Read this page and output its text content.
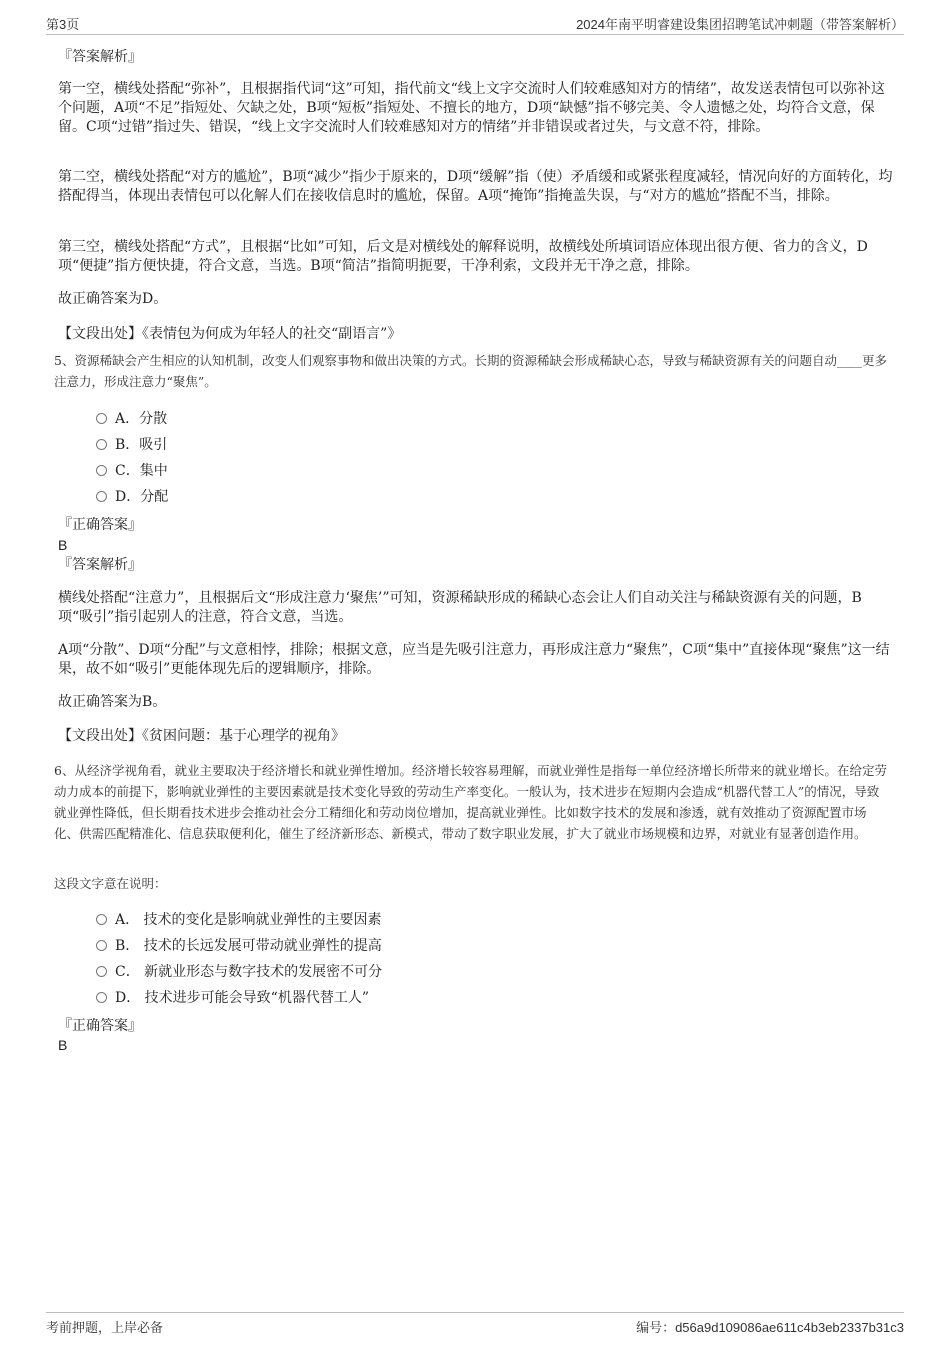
第3页	2024年南平明睿建设集团招聘笔试冲刺题（带答案解析）
『答案解析』

第一空，横线处搭配“弥补”，且根据指代词“这”可知，指代前文“线上文字交流时人们较难感知对方的情绪”，故发送表情包可以弥补这个问题，A项“不足”指短处、欠缺之处，B项“短板”指短处、不擅长的地方，D项“缺憾”指不够完美、令人遗憾之处，均符合文意，保留。C项“过错”指过失、错误，“线上文字交流时人们较难感知对方的情绪”并非错误或者过失，与文意不符，排除。

第二空，横线处搭配“对方的尴尬”，B项“减少”指少于原来的，D项“缓解”指（使）矛盾缓和或紧张程度减轻，情况向好的方面转化，均搭配得当，体现出表情包可以化解人们在接收信息时的尴尬，保留。A项“掩饰”指掩盖失误，与“对方的尴尬”搭配不当，排除。

第三空，横线处搭配“方式”，且根据“比如”可知，后文是对横线处的解释说明，故横线处所填词语应体现出很方便、省力的含义，D项“便捷”指方便快捷，符合文意，当选。B项“简洁”指简明扼要，干净利索，文段并无干净之意，排除。

故正确答案为D。

【文段出处】《表情包为何成为年轻人的社交“副语言”》

5、资源稀缺会产生相应的认知机制，改变人们观察事物和做出决策的方式。长期的资源稀缺会形成稀缺心态，导致与稀缺资源有关的问题自动____更多注意力，形成注意力“聚焦”。

A．分散
B．吸引
C．集中
D．分配
『正确答案』
B
『答案解析』

横线处搭配“注意力”，且根据后文“形成注意力‘聚焦’”可知，资源稀缺形成的稀缺心态会让人们自动关注与稀缺资源有关的问题，B项“吸引”指引起别人的注意，符合文意，当选。

A项“分散”、D项“分配”与文意相悖，排除；根据文意，应当是先吸引注意力，再形成注意力“聚焦”，C项“集中”直接体现“聚焦”这一结果，故不如“吸引”更能体现先后的逻辑顺序，排除。

故正确答案为B。

【文段出处】《贫困问题：基于心理学的视角》

6、从经济学视角看，就业主要取决于经济增长和就业弹性增加。经济增长较容易理解，而就业弹性是指每一单位经济增长所带来的就业增长。在给定劳动力成本的前提下，影响就业弹性的主要因素就是技术变化导致的劳动生产率变化。一般认为，技术进步在短期内会造成“机器代替工人”的情况，导致就业弹性降低，但长期看技术进步会推动社会分工精细化和劳动岗位增加，提高就业弹性。比如数字技术的发展和渗透，就有效推动了资源配置市场化、供需匹配精准化、信息获取便利化，催生了经济新形态、新模式，带动了数字职业发展，扩大了就业市场规模和边界，对就业有显著创造作用。

这段文字意在说明：

A． 技术的变化是影响就业弹性的主要因素
B． 技术的长远发展可带动就业弹性的提高
C． 新就业形态与数字技术的发展密不可分
D． 技术进步可能会导致“机器代替工人”
『正确答案』
B
考前押题，上岸必备	编号：d56a9d109086ae611c4b3eb2337b31c3
